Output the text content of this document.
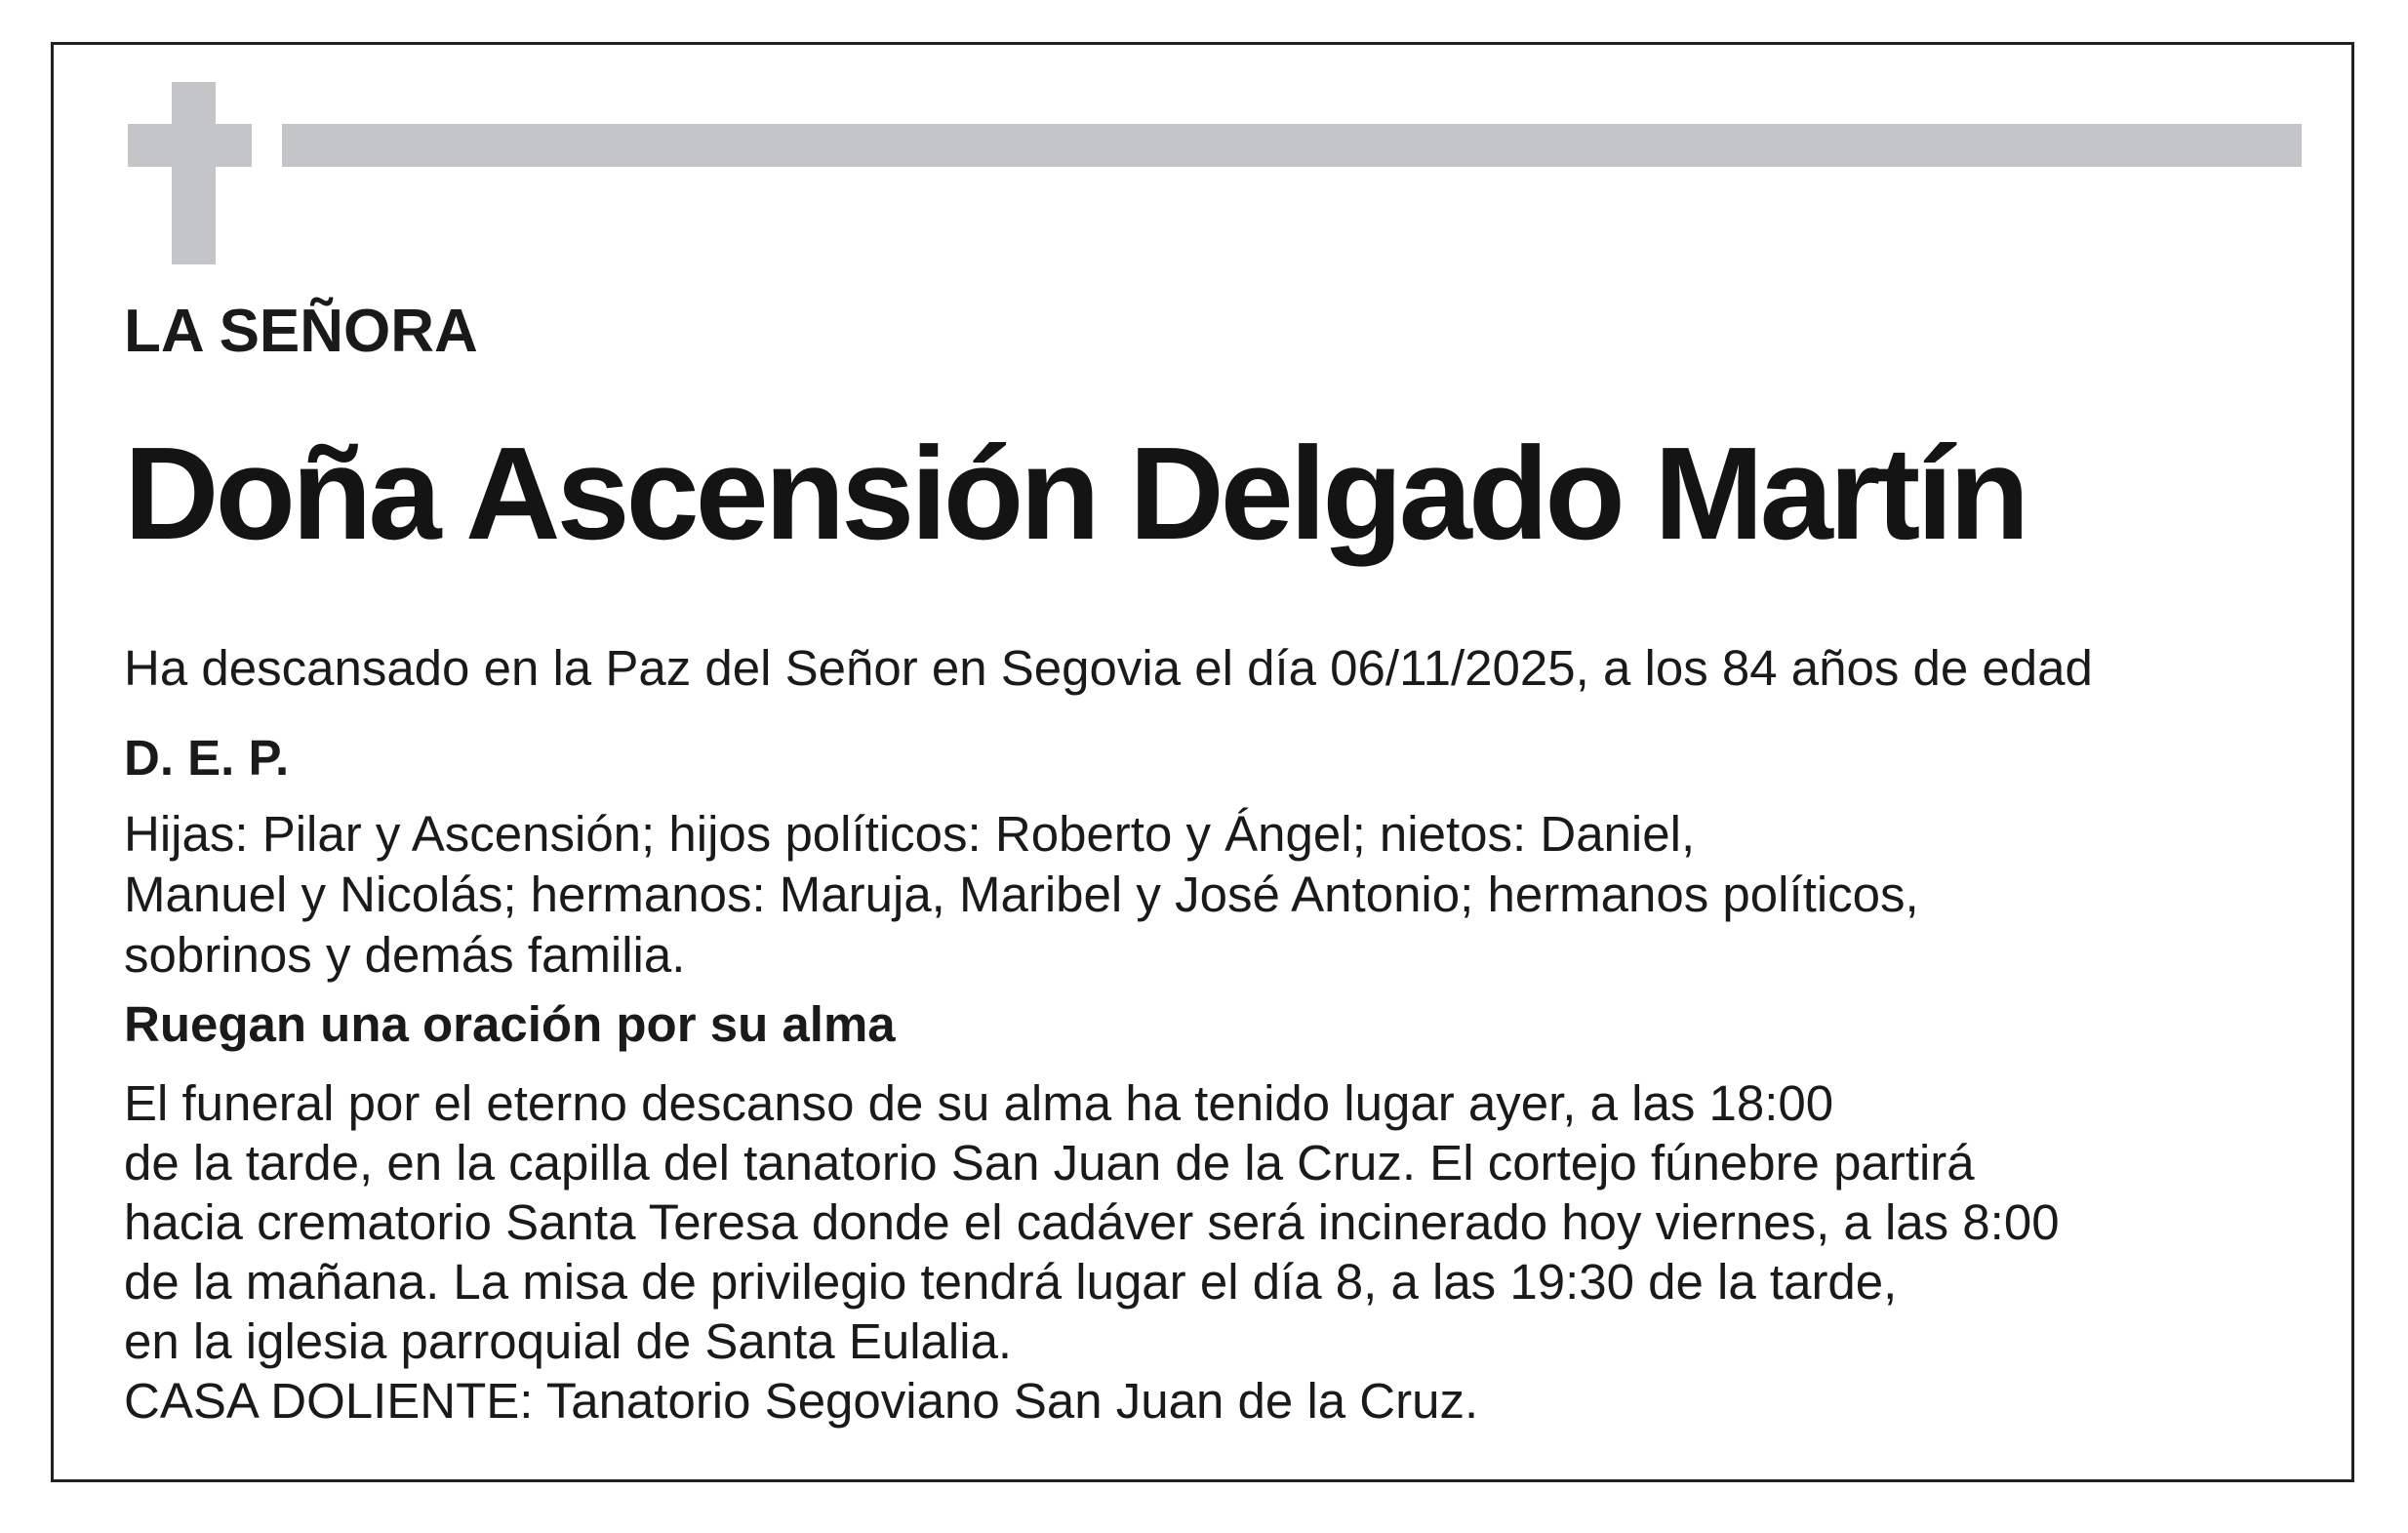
LA SEÑORA
Doña Ascensión Delgado Martín
Ha descansado en la Paz del Señor en Segovia el día 06/11/2025, a los 84 años de edad
D. E. P.
Hijas: Pilar y Ascensión; hijos políticos: Roberto y Ángel; nietos: Daniel,
Manuel y Nicolás; hermanos: Maruja, Maribel y José Antonio; hermanos políticos,
sobrinos y demás familia.
Ruegan una oración por su alma
El funeral por el eterno descanso de su alma ha tenido lugar ayer, a las 18:00
de la tarde, en la capilla del tanatorio San Juan de la Cruz. El cortejo fúnebre partirá
hacia crematorio Santa Teresa donde el cadáver será incinerado hoy viernes, a las 8:00
de la mañana. La misa de privilegio tendrá lugar el día 8, a las 19:30 de la tarde,
en la iglesia parroquial de Santa Eulalia.
CASA DOLIENTE: Tanatorio Segoviano San Juan de la Cruz.
